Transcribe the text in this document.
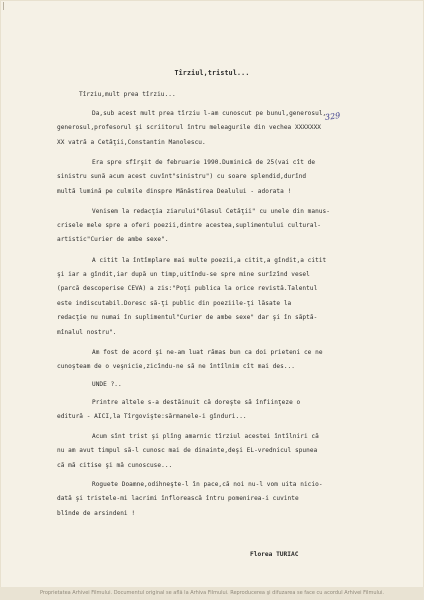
Tîrziul,tristul...
329
Tîrziu,mult prea tîrziu...
Da,sub acest mult prea tîrziu l-am cunoscut pe bunul,generosul,
generosul,profesorul şi scriitorul întru meleagurile din vechea XXXXXXX
XX vatră a Cetăţii,Constantin Manolescu.
Era spre sfîrşit de februarie 1990.Duminică de 25(vai cît de
sinistru sună acum acest cuvînt"sinistru") cu soare splendid,durînd
multă lumină pe culmile dinspre Mănăstirea Dealului - adorata !
Venisem la redacţia ziarului"Glasul Cetăţii" cu unele din manus-
crisele mele spre a oferi poezii,dintre acestea,suplimentului cultural-
artistic"Curier de ambe sexe".
A citit la întîmplare mai multe poezii,a citit,a gîndit,a citit
şi iar a gîndit,iar după un timp,uitîndu-se spre mine surîzînd vesel
(parcă descoperise CEVA) a zis:"Poţi publica la orice revistă.Talentul
este indiscutabil.Doresc să-ţi public din poeziile-ţi lăsate la
redacţie nu numai în suplimentul"Curier de ambe sexe" dar şi în săptă-
mînalul nostru".
Am fost de acord şi ne-am luat rămas bun ca doi prieteni ce ne
cunoşteam de o veşnicie,zicîndu-ne să ne întîlnim cît mai des...
UNDE ?..
Printre altele s-a destăinuit că doreşte să înfiinţeze o
editură - AICI,la Tîrgovişte:sărmanele-i gînduri...
Acum sînt trist şi plîng amarnic tîrziul acestei întîlniri că
nu am avut timpul să-l cunosc mai de dinainte,deşi EL-vrednicul spunea
că mă citise şi mă cunoscuse...
Roguete Doamne,odihneşte-l în pace,că noi nu-l vom uita nicio-
dată şi tristele-mi lacrimi înflorească întru pomenirea-i cuvinte
blînde de arsindeni !
Florea TURIAC
Proprietatea Arhivei Filmului. Documentul original se află la Arhiva Filmului. Reproducerea şi difuzarea se face cu acordul Arhivei Filmului.
